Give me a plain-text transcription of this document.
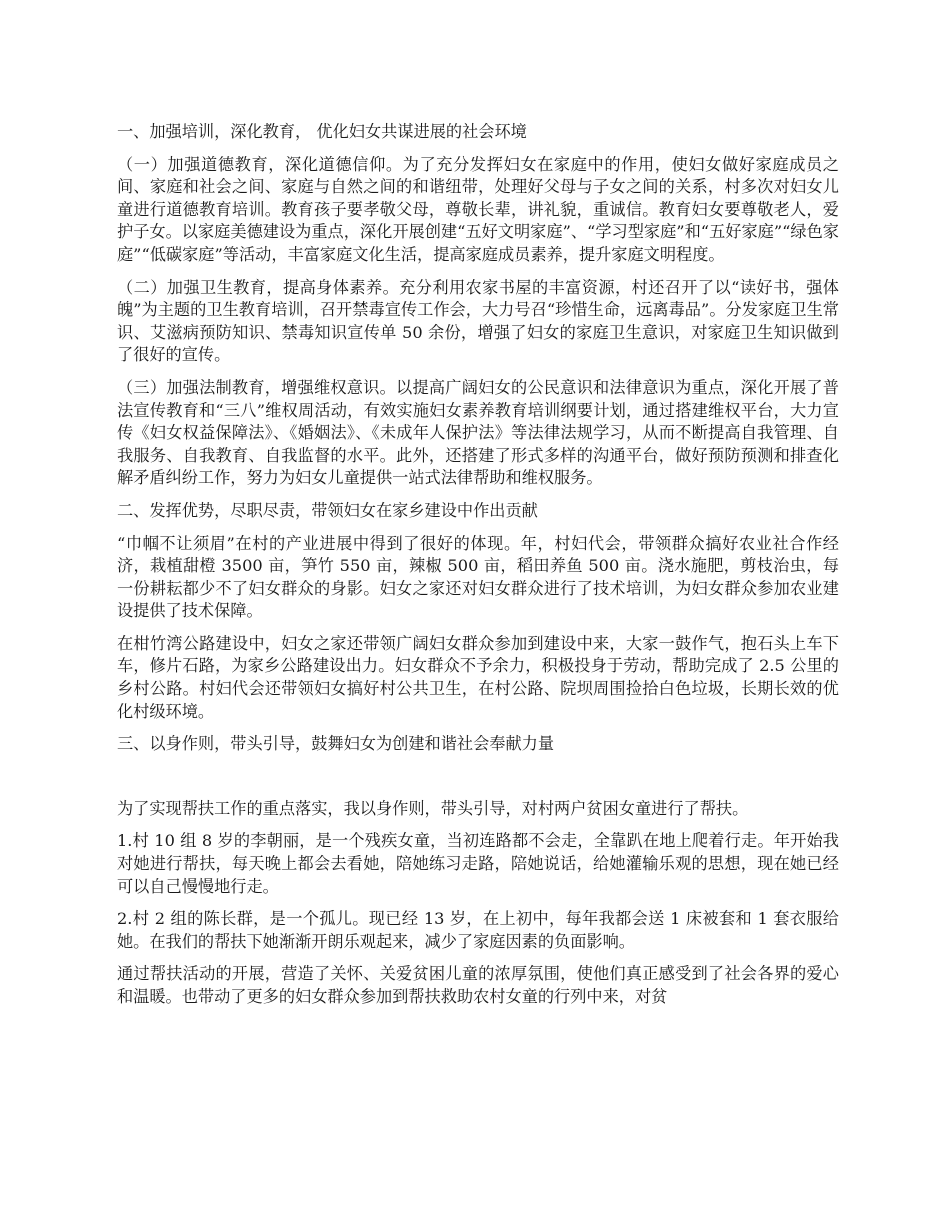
一、加强培训，深化教育， 优化妇女共谋进展的社会环境

（一）加强道德教育，深化道德信仰。为了充分发挥妇女在家庭中的作用，使妇女做好家庭成员之间、家庭和社会之间、家庭与自然之间的和谐纽带，处理好父母与子女之间的关系，村多次对妇女儿童进行道德教育培训。教育孩子要孝敬父母，尊敬长辈，讲礼貌，重诚信。教育妇女要尊敬老人，爱护子女。以家庭美德建设为重点，深化开展创建“五好文明家庭”、“学习型家庭”和“五好家庭”“绿色家庭”“低碳家庭”等活动，丰富家庭文化生活，提高家庭成员素养，提升家庭文明程度。

（二）加强卫生教育，提高身体素养。充分利用农家书屋的丰富资源，村还召开了以“读好书，强体魄”为主题的卫生教育培训，召开禁毒宣传工作会，大力号召“珍惜生命，远离毒品”。分发家庭卫生常识、艾滋病预防知识、禁毒知识宣传单 50 余份，增强了妇女的家庭卫生意识，对家庭卫生知识做到了很好的宣传。

（三）加强法制教育，增强维权意识。以提高广阔妇女的公民意识和法律意识为重点，深化开展了普法宣传教育和“三八”维权周活动，有效实施妇女素养教育培训纲要计划，通过搭建维权平台，大力宣传《妇女权益保障法》、《婚姻法》、《未成年人保护法》等法律法规学习，从而不断提高自我管理、自我服务、自我教育、自我监督的水平。此外，还搭建了形式多样的沟通平台，做好预防预测和排查化解矛盾纠纷工作，努力为妇女儿童提供一站式法律帮助和维权服务。

二、发挥优势，尽职尽责，带领妇女在家乡建设中作出贡献

“巾帼不让须眉”在村的产业进展中得到了很好的体现。年，村妇代会，带领群众搞好农业社合作经济，栽植甜橙 3500 亩，笋竹 550 亩，辣椒 500 亩，稻田养鱼 500 亩。浇水施肥，剪枝治虫，每一份耕耘都少不了妇女群众的身影。妇女之家还对妇女群众进行了技术培训，为妇女群众参加农业建设提供了技术保障。

在柑竹湾公路建设中，妇女之家还带领广阔妇女群众参加到建设中来，大家一鼓作气，抱石头上车下车，修片石路，为家乡公路建设出力。妇女群众不予余力，积极投身于劳动，帮助完成了 2.5 公里的乡村公路。村妇代会还带领妇女搞好村公共卫生，在村公路、院坝周围捡拾白色垃圾，长期长效的优化村级环境。

三、以身作则，带头引导，鼓舞妇女为创建和谐社会奉献力量

为了实现帮扶工作的重点落实，我以身作则，带头引导，对村两户贫困女童进行了帮扶。

1.村 10 组 8 岁的李朝丽，是一个残疾女童，当初连路都不会走，全靠趴在地上爬着行走。年开始我对她进行帮扶，每天晚上都会去看她，陪她练习走路，陪她说话，给她灌输乐观的思想，现在她已经可以自己慢慢地行走。

2.村 2 组的陈长群，是一个孤儿。现已经 13 岁，在上初中，每年我都会送 1 床被套和 1 套衣服给她。在我们的帮扶下她渐渐开朗乐观起来，减少了家庭因素的负面影响。

通过帮扶活动的开展，营造了关怀、关爱贫困儿童的浓厚氛围，使他们真正感受到了社会各界的爱心和温暖。也带动了更多的妇女群众参加到帮扶救助农村女童的行列中来，对贫
